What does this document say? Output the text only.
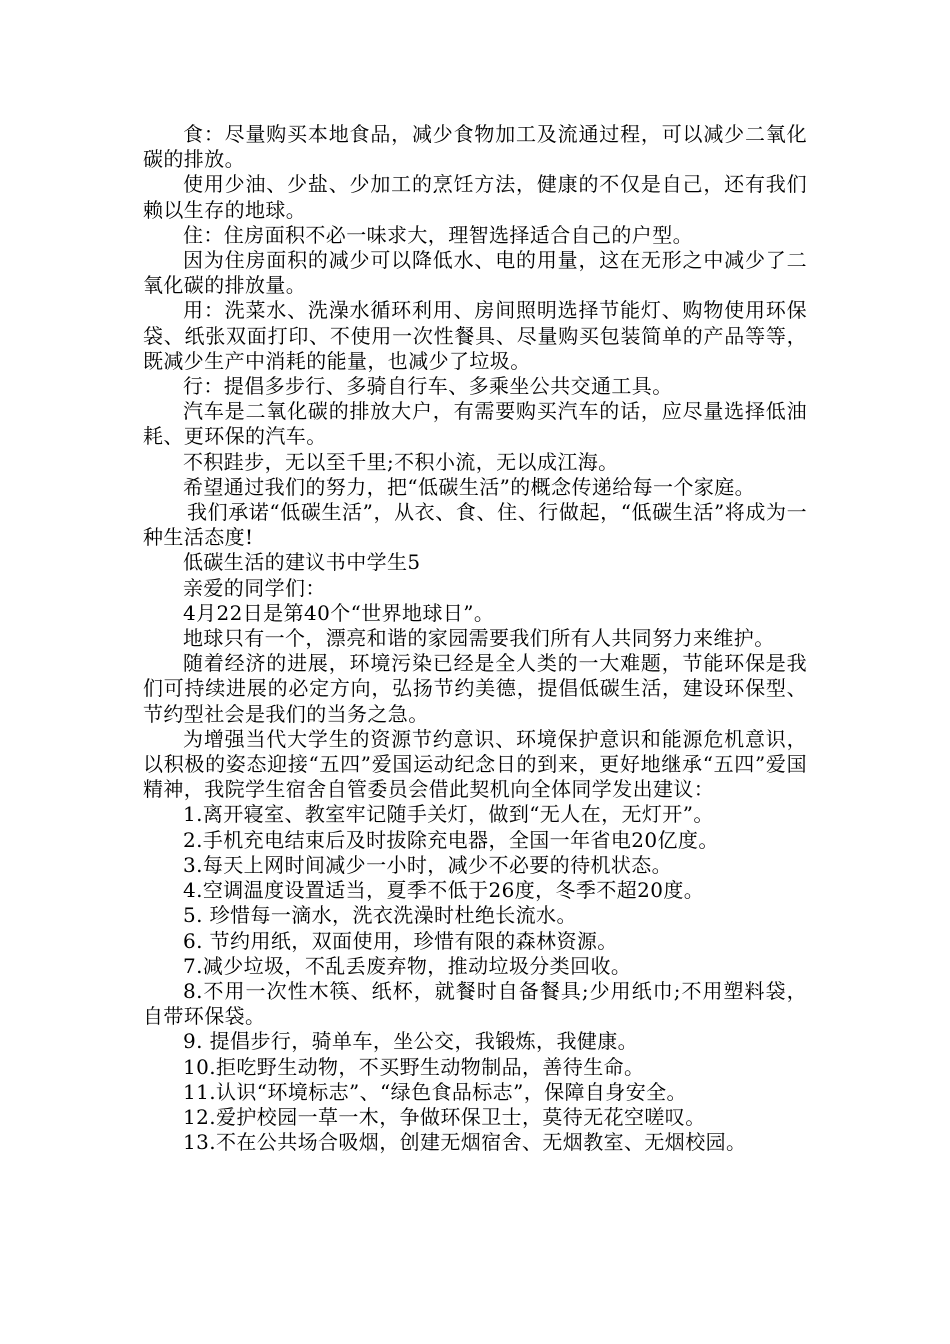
食：尽量购买本地食品，减少食物加工及流通过程，可以减少二氧化碳的排放。

使用少油、少盐、少加工的烹饪方法，健康的不仅是自己，还有我们赖以生存的地球。

住：住房面积不必一味求大，理智选择适合自己的户型。

因为住房面积的减少可以降低水、电的用量，这在无形之中减少了二氧化碳的排放量。

用：洗菜水、洗澡水循环利用、房间照明选择节能灯、购物使用环保袋、纸张双面打印、不使用一次性餐具、尽量购买包装简单的产品等等，既减少生产中消耗的能量，也减少了垃圾。

行：提倡多步行、多骑自行车、多乘坐公共交通工具。

汽车是二氧化碳的排放大户，有需要购买汽车的话，应尽量选择低油耗、更环保的汽车。

不积跬步，无以至千里;不积小流，无以成江海。

希望通过我们的努力，把“低碳生活”的概念传递给每一个家庭。

我们承诺“低碳生活”，从衣、食、住、行做起，“低碳生活”将成为一种生活态度!

低碳生活的建议书中学生5

亲爱的同学们：

4月22日是第40个“世界地球日”。

地球只有一个，漂亮和谐的家园需要我们所有人共同努力来维护。

随着经济的进展，环境污染已经是全人类的一大难题，节能环保是我们可持续进展的必定方向，弘扬节约美德，提倡低碳生活，建设环保型、节约型社会是我们的当务之急。

为增强当代大学生的资源节约意识、环境保护意识和能源危机意识，以积极的姿态迎接“五四”爱国运动纪念日的到来，更好地继承“五四”爱国精神，我院学生宿舍自管委员会借此契机向全体同学发出建议：

1.离开寝室、教室牢记随手关灯，做到“无人在，无灯开”。

2.手机充电结束后及时拔除充电器，全国一年省电20亿度。

3.每天上网时间减少一小时，减少不必要的待机状态。

4.空调温度设置适当，夏季不低于26度，冬季不超20度。

5. 珍惜每一滴水，洗衣洗澡时杜绝长流水。

6. 节约用纸，双面使用，珍惜有限的森林资源。

7.减少垃圾，不乱丢废弃物，推动垃圾分类回收。

8.不用一次性木筷、纸杯，就餐时自备餐具;少用纸巾;不用塑料袋，自带环保袋。

9. 提倡步行，骑单车，坐公交，我锻炼，我健康。

10.拒吃野生动物，不买野生动物制品，善待生命。

11.认识“环境标志”、“绿色食品标志”，保障自身安全。

12.爱护校园一草一木，争做环保卫士，莫待无花空嗟叹。

13.不在公共场合吸烟，创建无烟宿舍、无烟教室、无烟校园。
